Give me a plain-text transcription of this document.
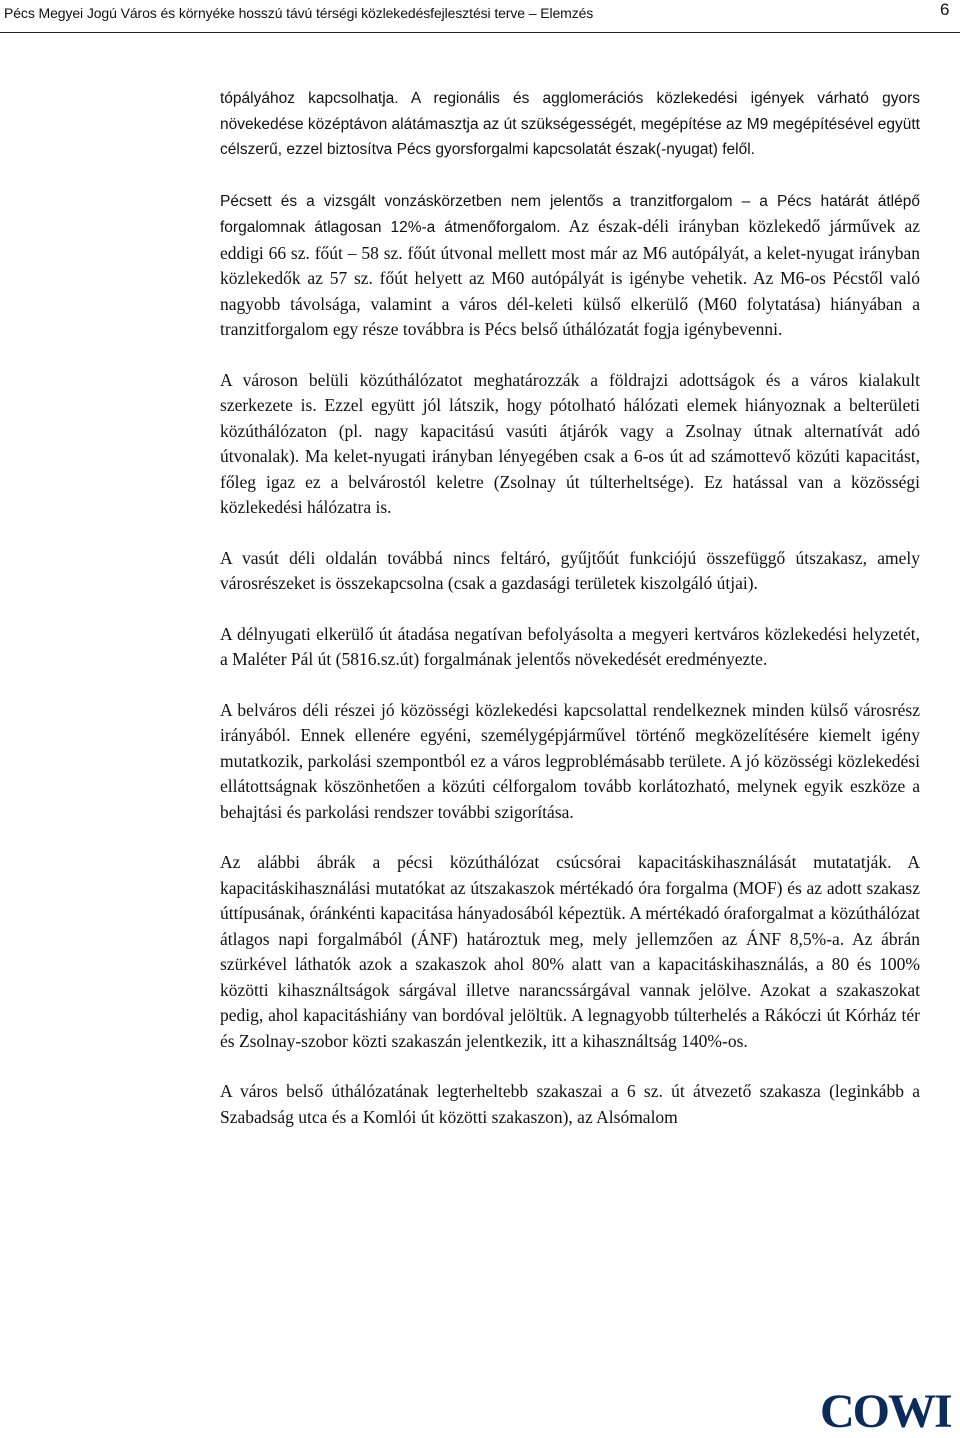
Pécs Megyei Jogú Város és környéke hosszú távú térségi közlekedésfejlesztési terve – Elemzés	6

tópályához kapcsolhatja. A regionális és agglomerációs közlekedési igények várható gyors növekedése középtávon alátámasztja az út szükségességét, megépítése az M9 megépítésével együtt célszerű, ezzel biztosítva Pécs gyorsforgalmi kapcsolatát észak(-nyugat) felől.

Pécsett és a vizsgált vonzáskörzetben nem jelentős a tranzitforgalom – a Pécs határát átlépő forgalomnak átlagosan 12%-a átmenőforgalom. Az észak-déli irányban közlekedő járművek az eddigi 66 sz. főút – 58 sz. főút útvonal mellett most már az M6 autópályát, a kelet-nyugat irányban közlekedők az 57 sz. főút helyett az M60 autópályát is igénybe vehetik. Az M6-os Pécstől való nagyobb távolsága, valamint a város dél-keleti külső elkerülő (M60 folytatása) hiányában a tranzitforgalom egy része továbbra is Pécs belső úthálózatát fogja igénybevenni.

A városon belüli közúthálózatot meghatározzák a földrajzi adottságok és a város kialakult szerkezete is. Ezzel együtt jól látszik, hogy pótolható hálózati elemek hiányoznak a belterületi közúthálózaton (pl. nagy kapacitású vasúti átjárók vagy a Zsolnay útnak alternatívát adó útvonalak). Ma kelet-nyugati irányban lényegében csak a 6-os út ad számottevő közúti kapacitást, főleg igaz ez a belvárostól keletre (Zsolnay út túlterheltsége). Ez hatással van a közösségi közlekedési hálózatra is.

A vasút déli oldalán továbbá nincs feltáró, gyűjtőút funkciójú összefüggő útszakasz, amely városrészeket is összekapcsolna (csak a gazdasági területek kiszolgáló útjai).

A délnyugati elkerülő út átadása negatívan befolyásolta a megyeri kertváros közlekedési helyzetét, a Maléter Pál út (5816.sz.út) forgalmának jelentős növekedését eredményezte.

A belváros déli részei jó közösségi közlekedési kapcsolattal rendelkeznek minden külső városrész irányából. Ennek ellenére egyéni, személygépjárművel történő megközelítésére kiemelt igény mutatkozik, parkolási szempontból ez a város legproblémásabb területe. A jó közösségi közlekedési ellátottságnak köszönhetően a közúti célforgalom tovább korlátozható, melynek egyik eszköze a behajtási és parkolási rendszer további szigorítása.

Az alábbi ábrák a pécsi közúthálózat csúcsórai kapacitáskihasználását mutatatják. A kapacitáskihasználási mutatókat az útszakaszok mértékadó óra forgalma (MOF) és az adott szakasz úttípusának, óránkénti kapacitása hányadosából képeztük. A mértékadó óraforgalmat a közúthálózat átlagos napi forgalmából (ÁNF) határoztuk meg, mely jellemzően az ÁNF 8,5%-a. Az ábrán szürkével láthatók azok a szakaszok ahol 80% alatt van a kapacitáskihasználás, a 80 és 100% közötti kihasználtságok sárgával illetve narancssárgával vannak jelölve. Azokat a szakaszokat pedig, ahol kapacitáshiány van bordóval jelöltük. A legnagyobb túlterhelés a Rákóczi út Kórház tér és Zsolnay-szobor közti szakaszán jelentkezik, itt a kihasználtság 140%-os.

A város belső úthálózatának legterheltebb szakaszai a 6 sz. út átvezető szakasza (leginkább a Szabadság utca és a Komlói út közötti szakaszon), az Alsómalom

COWI
